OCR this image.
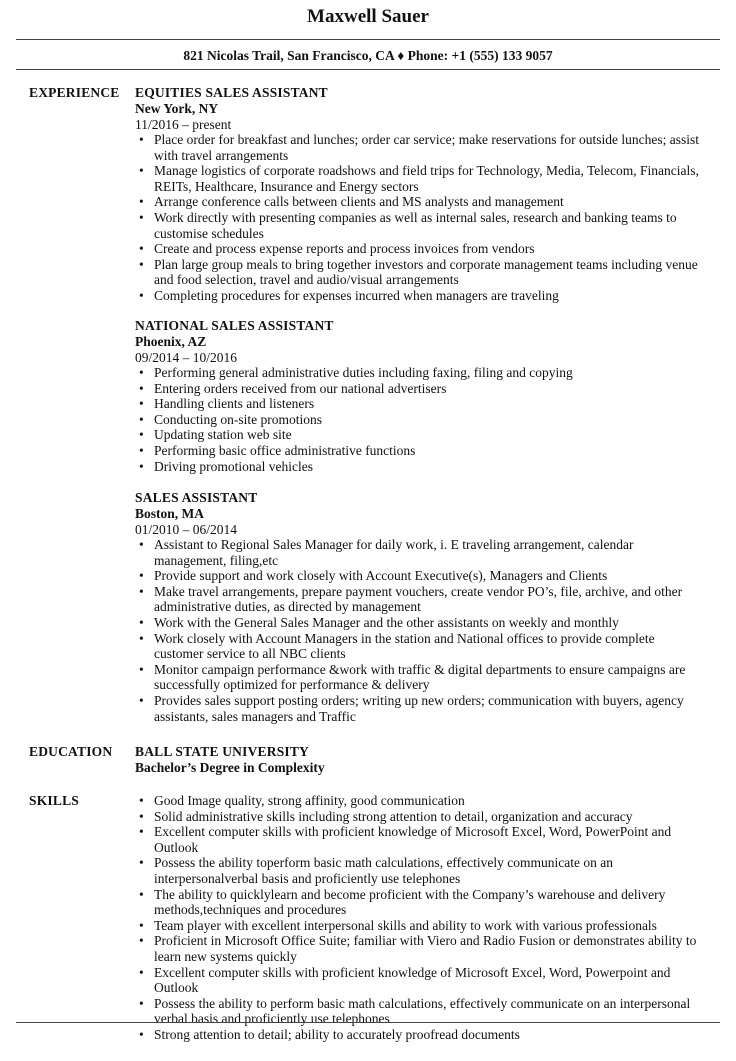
Maxwell Sauer
821 Nicolas Trail, San Francisco, CA ♦ Phone: +1 (555) 133 9057
EXPERIENCE EQUITIES SALES ASSISTANT
New York, NY
11/2016 – present
• Place order for breakfast and lunches; order car service; make reservations for outside lunches; assist with travel arrangements
• Manage logistics of corporate roadshows and field trips for Technology, Media, Telecom, Financials, REITs, Healthcare, Insurance and Energy sectors
• Arrange conference calls between clients and MS analysts and management
• Work directly with presenting companies as well as internal sales, research and banking teams to customise schedules
• Create and process expense reports and process invoices from vendors
• Plan large group meals to bring together investors and corporate management teams including venue and food selection, travel and audio/visual arrangements
• Completing procedures for expenses incurred when managers are traveling
NATIONAL SALES ASSISTANT
Phoenix, AZ
09/2014 – 10/2016
• Performing general administrative duties including faxing, filing and copying
• Entering orders received from our national advertisers
• Handling clients and listeners
• Conducting on-site promotions
• Updating station web site
• Performing basic office administrative functions
• Driving promotional vehicles
SALES ASSISTANT
Boston, MA
01/2010 – 06/2014
• Assistant to Regional Sales Manager for daily work, i. E traveling arrangement, calendar management, filing,etc
• Provide support and work closely with Account Executive(s), Managers and Clients
• Make travel arrangements, prepare payment vouchers, create vendor PO’s, file, archive, and other administrative duties, as directed by management
• Work with the General Sales Manager and the other assistants on weekly and monthly
• Work closely with Account Managers in the station and National offices to provide complete customer service to all NBC clients
• Monitor campaign performance &work with traffic & digital departments to ensure campaigns are successfully optimized for performance & delivery
• Provides sales support posting orders; writing up new orders; communication with buyers, agency assistants, sales managers and Traffic
EDUCATION BALL STATE UNIVERSITY
Bachelor’s Degree in Complexity
SKILLS
•	Good Image quality, strong affinity, good communication
• Solid administrative skills including strong attention to detail, organization and accuracy
• Excellent computer skills with proficient knowledge of Microsoft Excel, Word, PowerPoint and Outlook
• Possess the ability toperform basic math calculations, effectively communicate on an interpersonalverbal basis and proficiently use telephones
• The ability to quicklylearn and become proficient with the Company’s warehouse and delivery methods,techniques and procedures
• Team player with excellent interpersonal skills and ability to work with various professionals
• Proficient in Microsoft Office Suite; familiar with Viero and Radio Fusion or demonstrates ability to learn new systems quickly
• Excellent computer skills with proficient knowledge of Microsoft Excel, Word, Powerpoint and Outlook
• Possess the ability to perform basic math calculations, effectively communicate on an interpersonal verbal basis and proficiently use telephones
• Strong attention to detail; ability to accurately proofread documents
